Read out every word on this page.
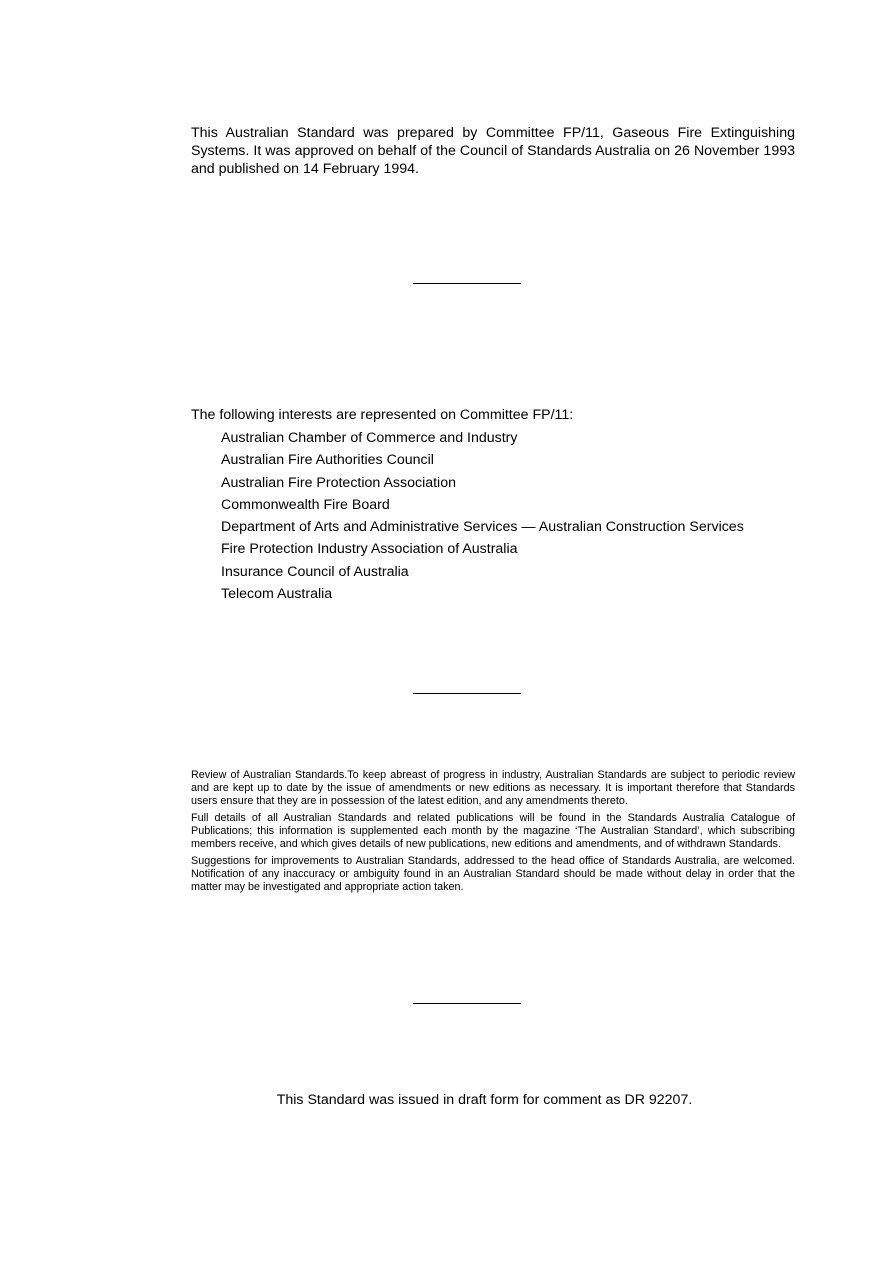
This Australian Standard was prepared by Committee FP/11, Gaseous Fire Extinguishing Systems. It was approved on behalf of the Council of Standards Australia on 26 November 1993 and published on 14 February 1994.

The following interests are represented on Committee FP/11:

Australian Chamber of Commerce and Industry
Australian Fire Authorities Council
Australian Fire Protection Association
Commonwealth Fire Board
Department of Arts and Administrative Services — Australian Construction Services
Fire Protection Industry Association of Australia
Insurance Council of Australia
Telecom Australia

Review of Australian Standards.To keep abreast of progress in industry, Australian Standards are subject to periodic review and are kept up to date by the issue of amendments or new editions as necessary. It is important therefore that Standards users ensure that they are in possession of the latest edition, and any amendments thereto.

Full details of all Australian Standards and related publications will be found in the Standards Australia Catalogue of Publications; this information is supplemented each month by the magazine ‘The Australian Standard’, which subscribing members receive, and which gives details of new publications, new editions and amendments, and of withdrawn Standards.

Suggestions for improvements to Australian Standards, addressed to the head office of Standards Australia, are welcomed. Notification of any inaccuracy or ambiguity found in an Australian Standard should be made without delay in order that the matter may be investigated and appropriate action taken.

This Standard was issued in draft form for comment as DR 92207.
